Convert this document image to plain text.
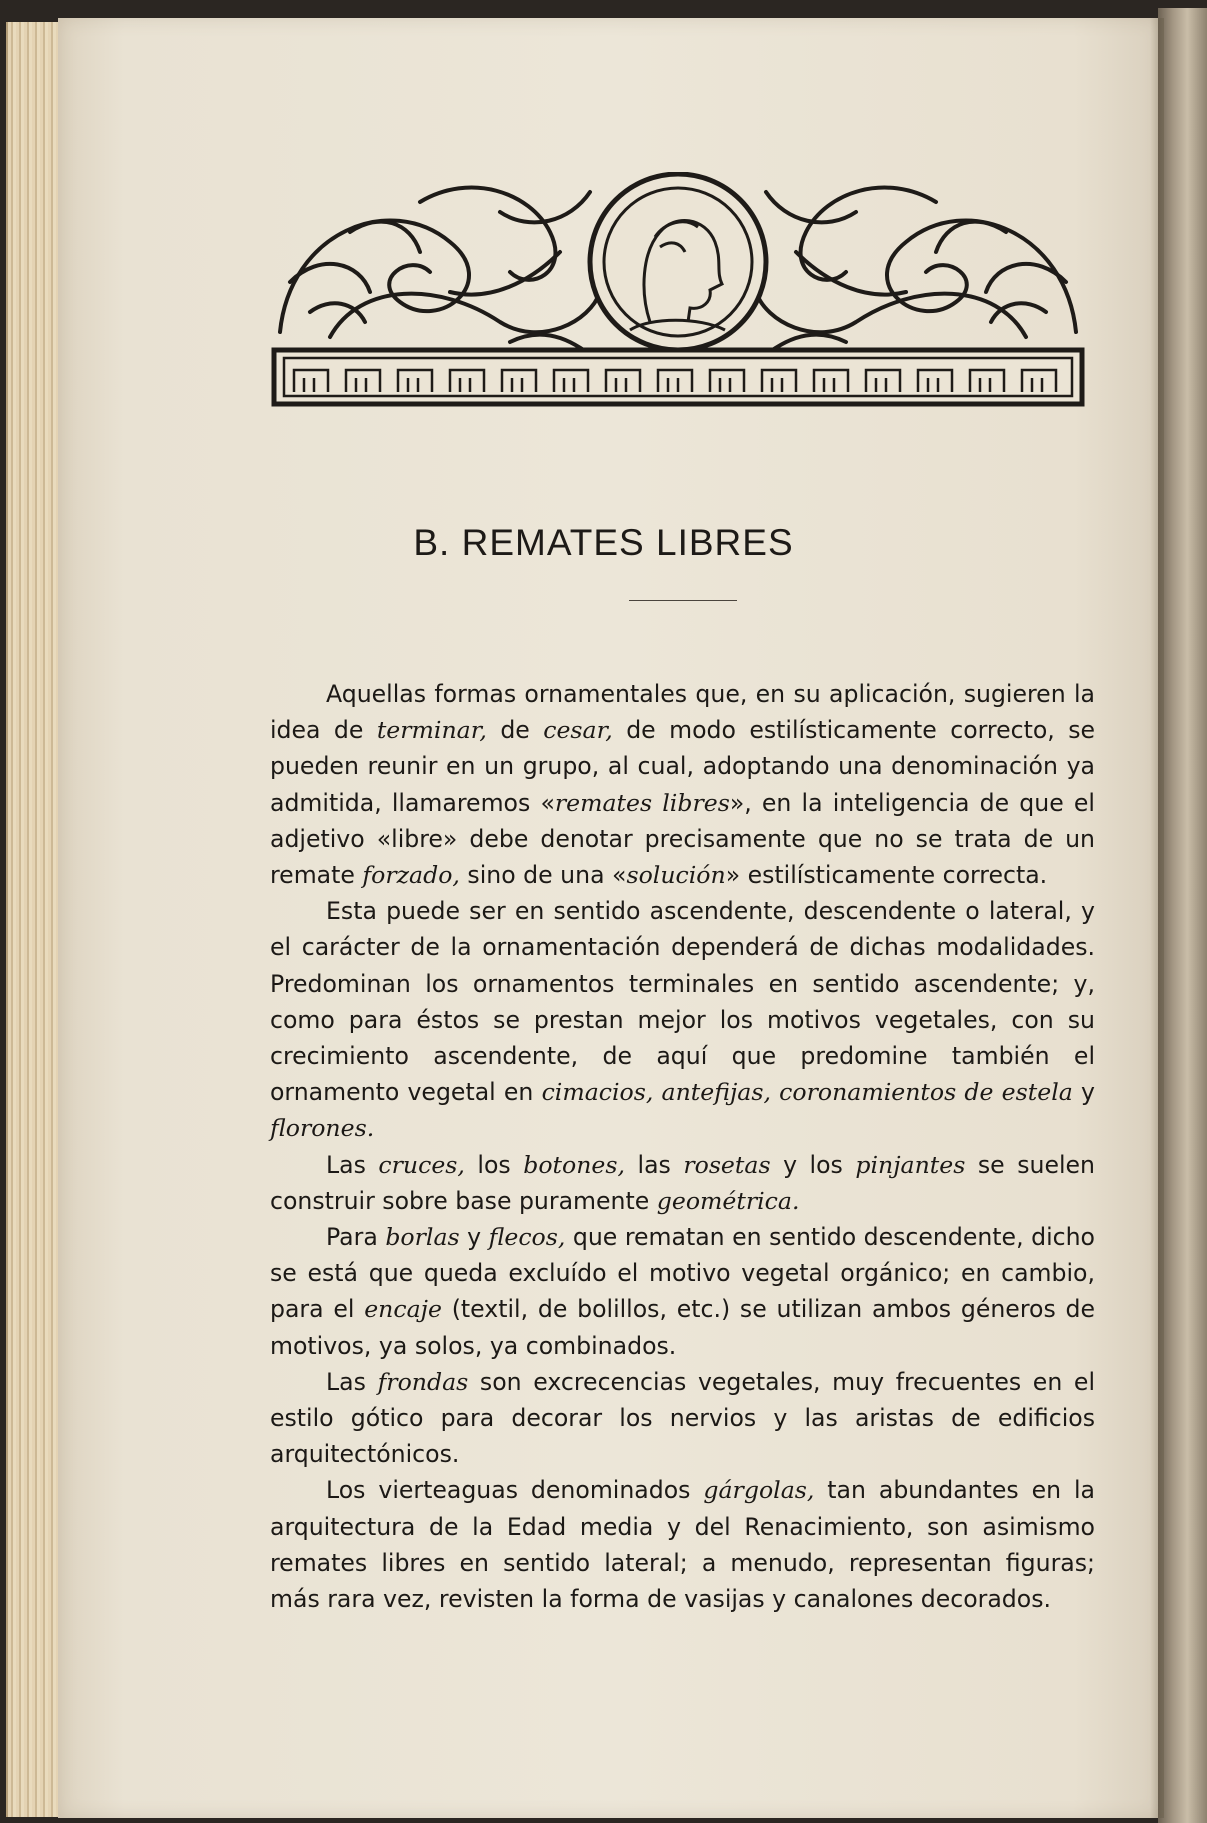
B. REMATES LIBRES

Aquellas formas ornamentales que, en su aplicación, sugieren la idea de terminar, de cesar, de modo estilísticamente correcto, se pueden reunir en un grupo, al cual, adoptando una denominación ya admitida, llamaremos «remates libres», en la inteligencia de que el adjetivo «libre» debe denotar precisamente que no se trata de un remate forzado, sino de una «solución» estilísticamente correcta.

Esta puede ser en sentido ascendente, descendente o lateral, y el carácter de la ornamentación dependerá de dichas modalidades. Predominan los ornamentos terminales en sentido ascendente; y, como para éstos se prestan mejor los motivos vegetales, con su crecimiento ascendente, de aquí que predomine también el ornamento vegetal en cimacios, antefijas, coronamientos de estela y florones.

Las cruces, los botones, las rosetas y los pinjantes se suelen construir sobre base puramente geométrica.

Para borlas y flecos, que rematan en sentido descendente, dicho se está que queda excluído el motivo vegetal orgánico; en cambio, para el encaje (textil, de bolillos, etc.) se utilizan ambos géneros de motivos, ya solos, ya combinados.

Las frondas son excrecencias vegetales, muy frecuentes en el estilo gótico para decorar los nervios y las aristas de edificios arquitectónicos.

Los vierteaguas denominados gárgolas, tan abundantes en la arquitectura de la Edad media y del Renacimiento, son asimismo remates libres en sentido lateral; a menudo, representan figuras; más rara vez, revisten la forma de vasijas y canalones decorados.
